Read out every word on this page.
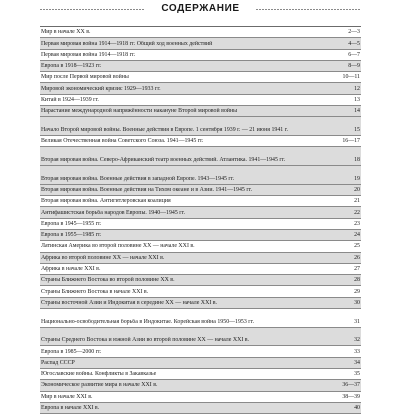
СОДЕРЖАНИЕ
Мир в начале ХХ в.	2—3
Первая мировая война 1914—1918 гг. Общий ход военных действий	4—5
Первая мировая война 1914—1918 гг.	6—7
Европа в 1918—1923 гг.	8—9
Мир после Первой мировой войны	10—11
Мировой экономический кризис 1929—1933 гг.	12
Китай в 1924—1939 гг.	13
Нарастание международной напряжённости накануне Второй мировой войны	14
Начало Второй мировой войны. Военные действия в Европе. 1 сентября 1939 г. — 21 июня 1941 г.	15
Великая Отечественная война Советского Союза. 1941—1945 гг.	16—17
Вторая мировая война. Северо-Африканский театр военных действий. Атлантика. 1941—1945 гг.	18
Вторая мировая война. Военные действия в западной Европе. 1943—1945 гг.	19
Вторая мировая война. Военные действия на Тихом океане и в Азии. 1941—1945 гг.	20
Вторая мировая война. Антигитлеровская коалиция	21
Антифашистская борьба народов Европы. 1940—1945 гг.	22
Европа в 1945—1955 гг.	23
Европа в 1955—1985 гг.	24
Латинская Америка во второй половине ХХ — начале ХХI в.	25
Африка во второй половине ХХ — начале ХХI в.	26
Африка в начале ХХI в.	27
Страны Ближнего Востока во второй половине ХХ в.	28
Страны Ближнего Востока в начале ХХI в.	29
Страны восточной Азии и Индокитая в середине ХХ — начале ХХI в.	30
Национально-освободительная борьба в Индокитае. Корейская война 1950—1953 гг.	31
Страны Среднего Востока и южной Азии во второй половине ХХ — начале ХХI в.	32
Европа в 1985—2000 гг.	33
Распад СССР	34
Югославские войны. Конфликты в Закавказье	35
Экономическое развитие мира в начале ХХI в.	36—37
Мир в начале ХХI в.	38—39
Европа в начале ХХI в.	40
